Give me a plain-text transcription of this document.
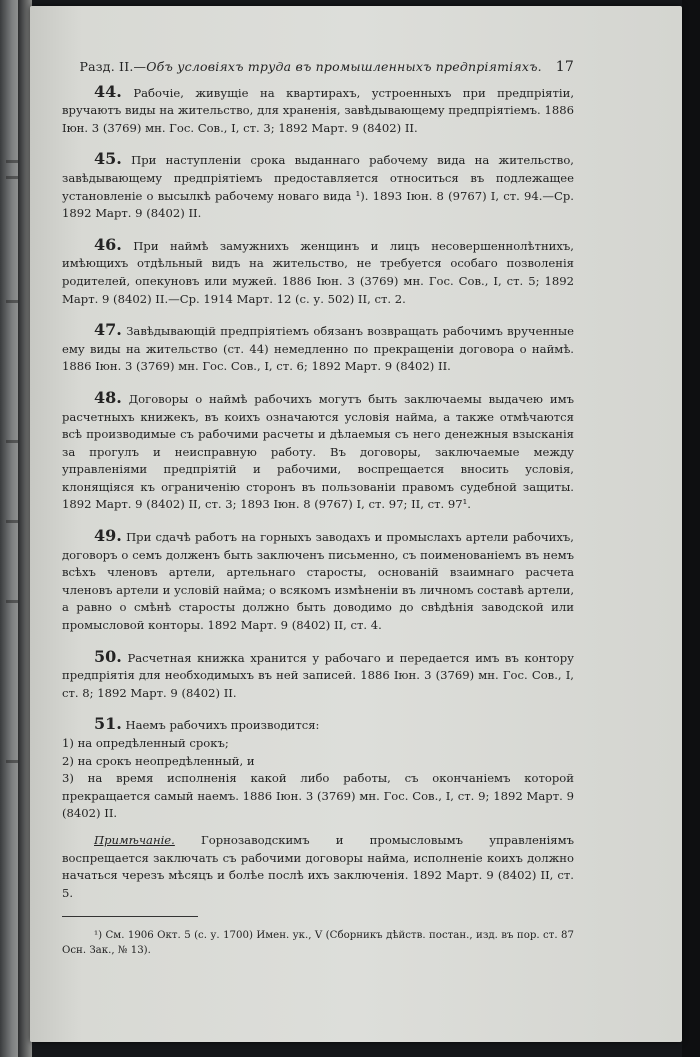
Разд. II.— Объ условіяхъ труда въ промышленныхъ предпріятіяхъ. 17

44. Рабочіе, живущіе на квартирахъ, устроенныхъ при предпріятіи, вручаютъ виды на жительство, для храненія, завѣдывающему предпріятіемъ. 1886 Іюн. 3 (3769) мн. Гос. Сов., I, ст. 3; 1892 Март. 9 (8402) II.

45. При наступленіи срока выданнаго рабочему вида на жительство, завѣдывающему предпріятіемъ предоставляется относиться въ подлежащее установленіе о высылкѣ рабочему новаго вида ¹). 1893 Іюн. 8 (9767) I, ст. 94.—Ср. 1892 Март. 9 (8402) II.

46. При наймѣ замужнихъ женщинъ и лицъ несовершеннолѣтнихъ, имѣющихъ отдѣльный видъ на жительство, не требуется особаго позволенія родителей, опекуновъ или мужей. 1886 Іюн. 3 (3769) мн. Гос. Сов., I, ст. 5; 1892 Март. 9 (8402) II.—Ср. 1914 Март. 12 (с. у. 502) II, ст. 2.

47. Завѣдывающій предпріятіемъ обязанъ возвращать рабочимъ врученные ему виды на жительство (ст. 44) немедленно по прекращеніи договора о наймѣ. 1886 Іюн. 3 (3769) мн. Гос. Сов., I, ст. 6; 1892 Март. 9 (8402) II.

48. Договоры о наймѣ рабочихъ могутъ быть заключаемы выдачею имъ расчетныхъ книжекъ, въ коихъ означаются условія найма, а также отмѣчаются всѣ производимые съ рабочими расчеты и дѣлаемыя съ него денежныя взысканія за прогулъ и неисправную работу. Въ договоры, заключаемые между управленіями предпріятій и рабочими, воспрещается вносить условія, клонящіяся къ ограниченію сторонъ въ пользованіи правомъ судебной защиты. 1892 Март. 9 (8402) II, ст. 3; 1893 Іюн. 8 (9767) I, ст. 97; II, ст. 97¹.

49. При сдачѣ работъ на горныхъ заводахъ и промыслахъ артели рабочихъ, договоръ о семъ долженъ быть заключенъ письменно, съ поименованіемъ въ немъ всѣхъ членовъ артели, артельнаго старосты, основаній взаимнаго расчета членовъ артели и условій найма; о всякомъ измѣненіи въ личномъ составѣ артели, а равно о смѣнѣ старосты должно быть доводимо до свѣдѣнія заводской или промысловой конторы. 1892 Март. 9 (8402) II, ст. 4.

50. Расчетная книжка хранится у рабочаго и передается имъ въ контору предпріятія для необходимыхъ въ ней записей. 1886 Іюн. 3 (3769) мн. Гос. Сов., I, ст. 8; 1892 Март. 9 (8402) II.

51. Наемъ рабочихъ производится:

1) на опредѣленный срокъ;

2) на срокъ неопредѣленный, и

3) на время исполненія какой либо работы, съ окончаніемъ которой прекращается самый наемъ. 1886 Іюн. 3 (3769) мн. Гос. Сов., I, ст. 9; 1892 Март. 9 (8402) II.

Примѣчаніе. Горнозаводскимъ и промысловымъ управленіямъ воспрещается заключать съ рабочими договоры найма, исполненіе коихъ должно начаться черезъ мѣсяцъ и болѣе послѣ ихъ заключенія. 1892 Март. 9 (8402) II, ст. 5.

¹) См. 1906 Окт. 5 (с. у. 1700) Имен. ук., V (Сборникъ дѣйств. постан., изд. въ пор. ст. 87 Осн. Зак., № 13).
